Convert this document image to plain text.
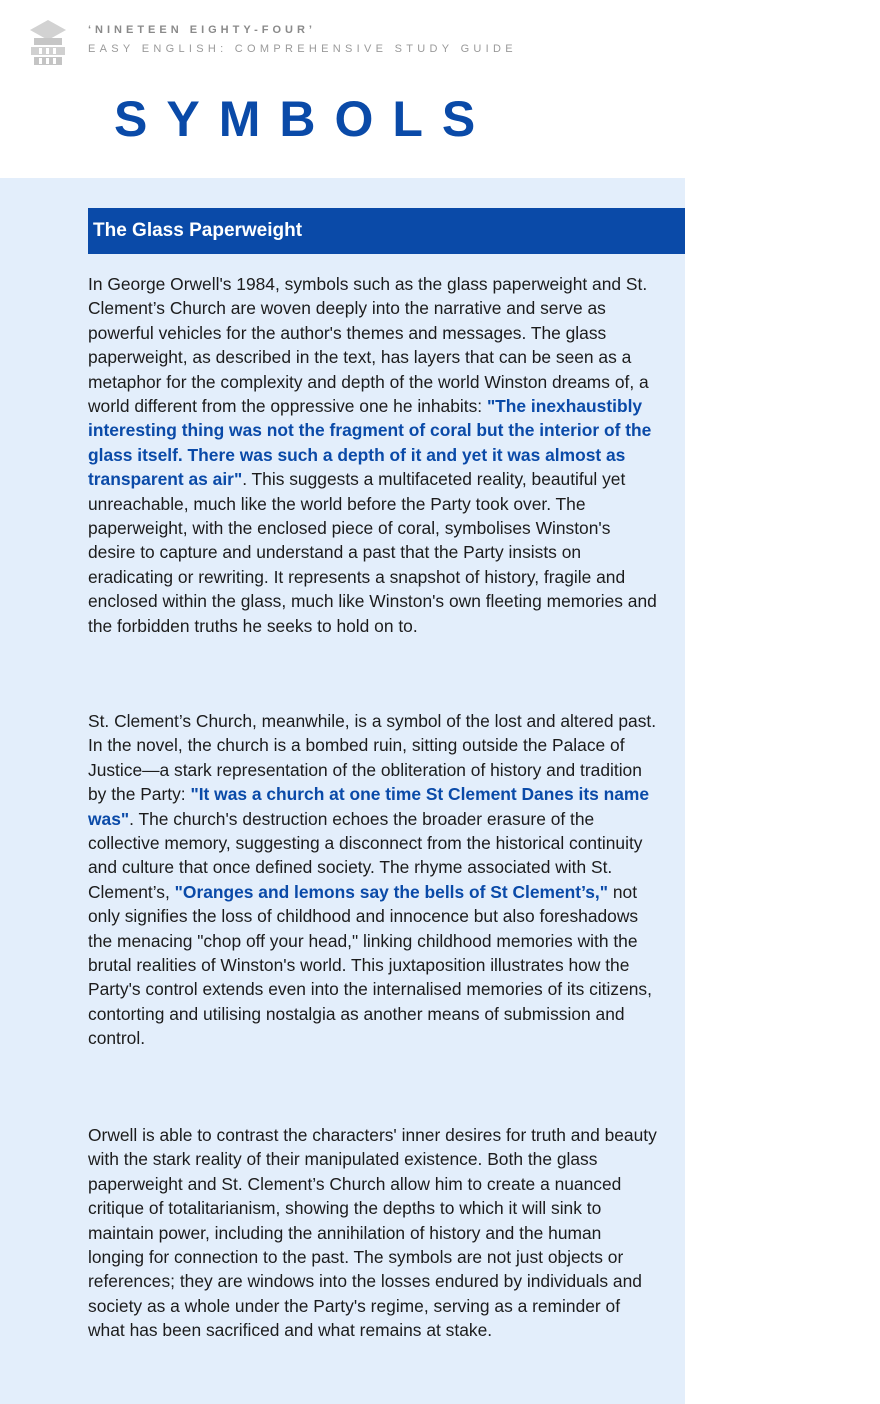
‘NINETEEN EIGHTY-FOUR’
EASY ENGLISH: COMPREHENSIVE STUDY GUIDE
SYMBOLS
The Glass Paperweight

In George Orwell's 1984, symbols such as the glass paperweight and St. Clement’s Church are woven deeply into the narrative and serve as powerful vehicles for the author's themes and messages. The glass paperweight, as described in the text, has layers that can be seen as a metaphor for the complexity and depth of the world Winston dreams of, a world different from the oppressive one he inhabits: "The inexhaustibly interesting thing was not the fragment of coral but the interior of the glass itself. There was such a depth of it and yet it was almost as transparent as air". This suggests a multifaceted reality, beautiful yet unreachable, much like the world before the Party took over. The paperweight, with the enclosed piece of coral, symbolises Winston's desire to capture and understand a past that the Party insists on eradicating or rewriting. It represents a snapshot of history, fragile and enclosed within the glass, much like Winston's own fleeting memories and the forbidden truths he seeks to hold on to.

St. Clement’s Church, meanwhile, is a symbol of the lost and altered past. In the novel, the church is a bombed ruin, sitting outside the Palace of Justice—a stark representation of the obliteration of history and tradition by the Party: "It was a church at one time St Clement Danes its name was". The church's destruction echoes the broader erasure of the collective memory, suggesting a disconnect from the historical continuity and culture that once defined society. The rhyme associated with St. Clement’s, "Oranges and lemons say the bells of St Clement’s," not only signifies the loss of childhood and innocence but also foreshadows the menacing "chop off your head," linking childhood memories with the brutal realities of Winston's world. This juxtaposition illustrates how the Party's control extends even into the internalised memories of its citizens, contorting and utilising nostalgia as another means of submission and control.

Orwell is able to contrast the characters' inner desires for truth and beauty with the stark reality of their manipulated existence. Both the glass paperweight and St. Clement’s Church allow him to create a nuanced critique of totalitarianism, showing the depths to which it will sink to maintain power, including the annihilation of history and the human longing for connection to the past. The symbols are not just objects or references; they are windows into the losses endured by individuals and society as a whole under the Party's regime, serving as a reminder of what has been sacrificed and what remains at stake.
